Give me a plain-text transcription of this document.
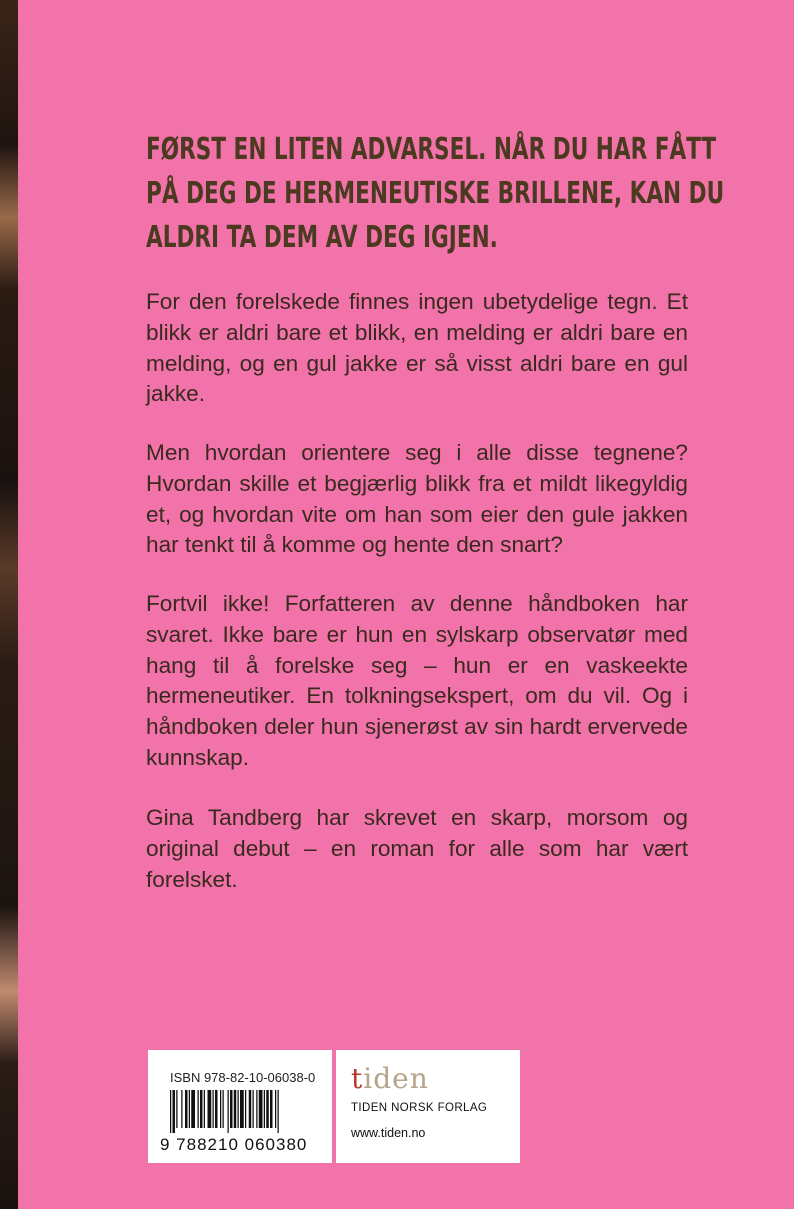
FØRST EN LITEN ADVARSEL. NÅR DU HAR FÅTT PÅ DEG DE HERMENEUTISKE BRILLENE, KAN DU ALDRI TA DEM AV DEG IGJEN.

For den forelskede finnes ingen ubetydelige tegn. Et blikk er aldri bare et blikk, en melding er aldri bare en melding, og en gul jakke er så visst aldri bare en gul jakke.

Men hvordan orientere seg i alle disse tegnene? Hvordan skille et begjærlig blikk fra et mildt likegyldig et, og hvordan vite om han som eier den gule jakken har tenkt til å komme og hente den snart?

Fortvil ikke! Forfatteren av denne håndboken har svaret. Ikke bare er hun en sylskarp observatør med hang til å forelske seg – hun er en vaskeekte hermeneutiker. En tolkningsekspert, om du vil. Og i håndboken deler hun sjenerøst av sin hardt ervervede kunnskap.

Gina Tandberg har skrevet en skarp, morsom og original debut – en roman for alle som har vært forelsket.

ISBN 978-82-10-06038-0
9 788210 060380
tiden
TIDEN NORSK FORLAG
www.tiden.no
